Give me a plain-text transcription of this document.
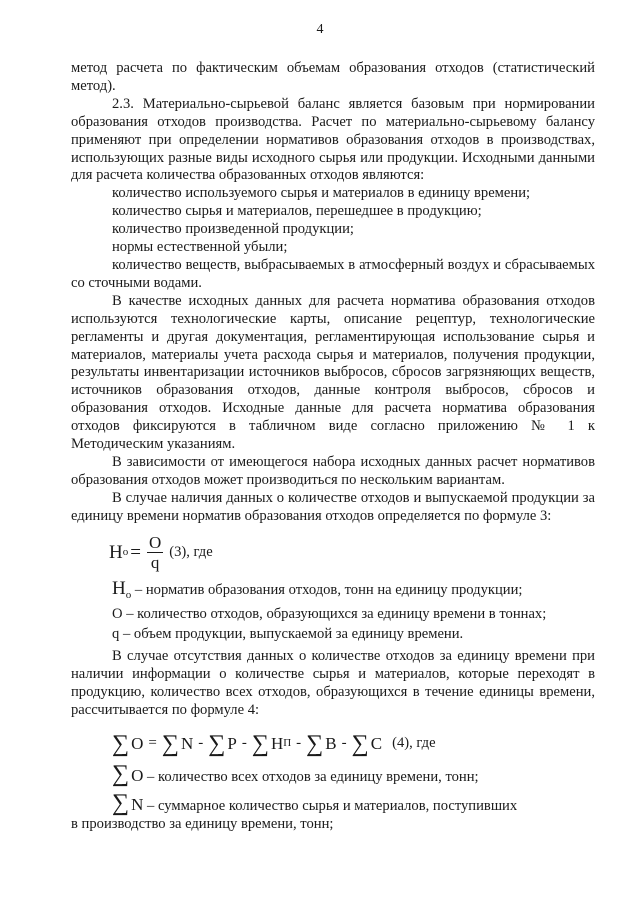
4

метод расчета по фактическим объемам образования отходов (статистический метод).

2.3. Материально-сырьевой баланс является базовым при нормировании образования отходов производства. Расчет по материально-сырьевому балансу применяют при определении нормативов образования отходов в производствах, использующих разные виды исходного сырья или продукции. Исходными данными для расчета количества образованных отходов являются:

количество используемого сырья и материалов в единицу времени;

количество сырья и материалов, перешедшее в продукцию;

количество произведенной продукции;

нормы естественной убыли;

количество веществ, выбрасываемых в атмосферный воздух и сбрасываемых со сточными водами.

В качестве исходных данных для расчета норматива образования отходов используются технологические карты, описание рецептур, технологические регламенты и другая документация, регламентирующая использование сырья и материалов, материалы учета расхода сырья и материалов, получения продукции, результаты инвентаризации источников выбросов, сбросов загрязняющих веществ, источников образования отходов, данные контроля выбросов, сбросов и образования отходов. Исходные данные для расчета норматива образования отходов фиксируются в табличном виде согласно приложению № 1 к Методическим указаниям.

В зависимости от имеющегося набора исходных данных расчет нормативов образования отходов может производиться по нескольким вариантам.

В случае наличия данных о количестве отходов и выпускаемой продукции за единицу времени норматив образования отходов определяется по формуле 3:

Н $о = \frac{О}{q} (3)$, где

$Н_о$ – норматив образования отходов, тонн на единицу продукции;

О – количество отходов, образующихся за единицу времени в тоннах;

q – объем продукции, выпускаемой за единицу времени.

В случае отсутствия данных о количестве отходов за единицу времени при наличии информации о количестве сырья и материалов, которые переходят в продукцию, количество всех отходов, образующихся в течение единицы времени, рассчитывается по формуле 4:

∑ О = ∑ N - ∑ P - ∑ Н П - ∑ В - ∑ С (4), где

∑ О – количество всех отходов за единицу времени, тонн;

∑ N – суммарное количество сырья и материалов, поступивших

в производство за единицу времени, тонн;
